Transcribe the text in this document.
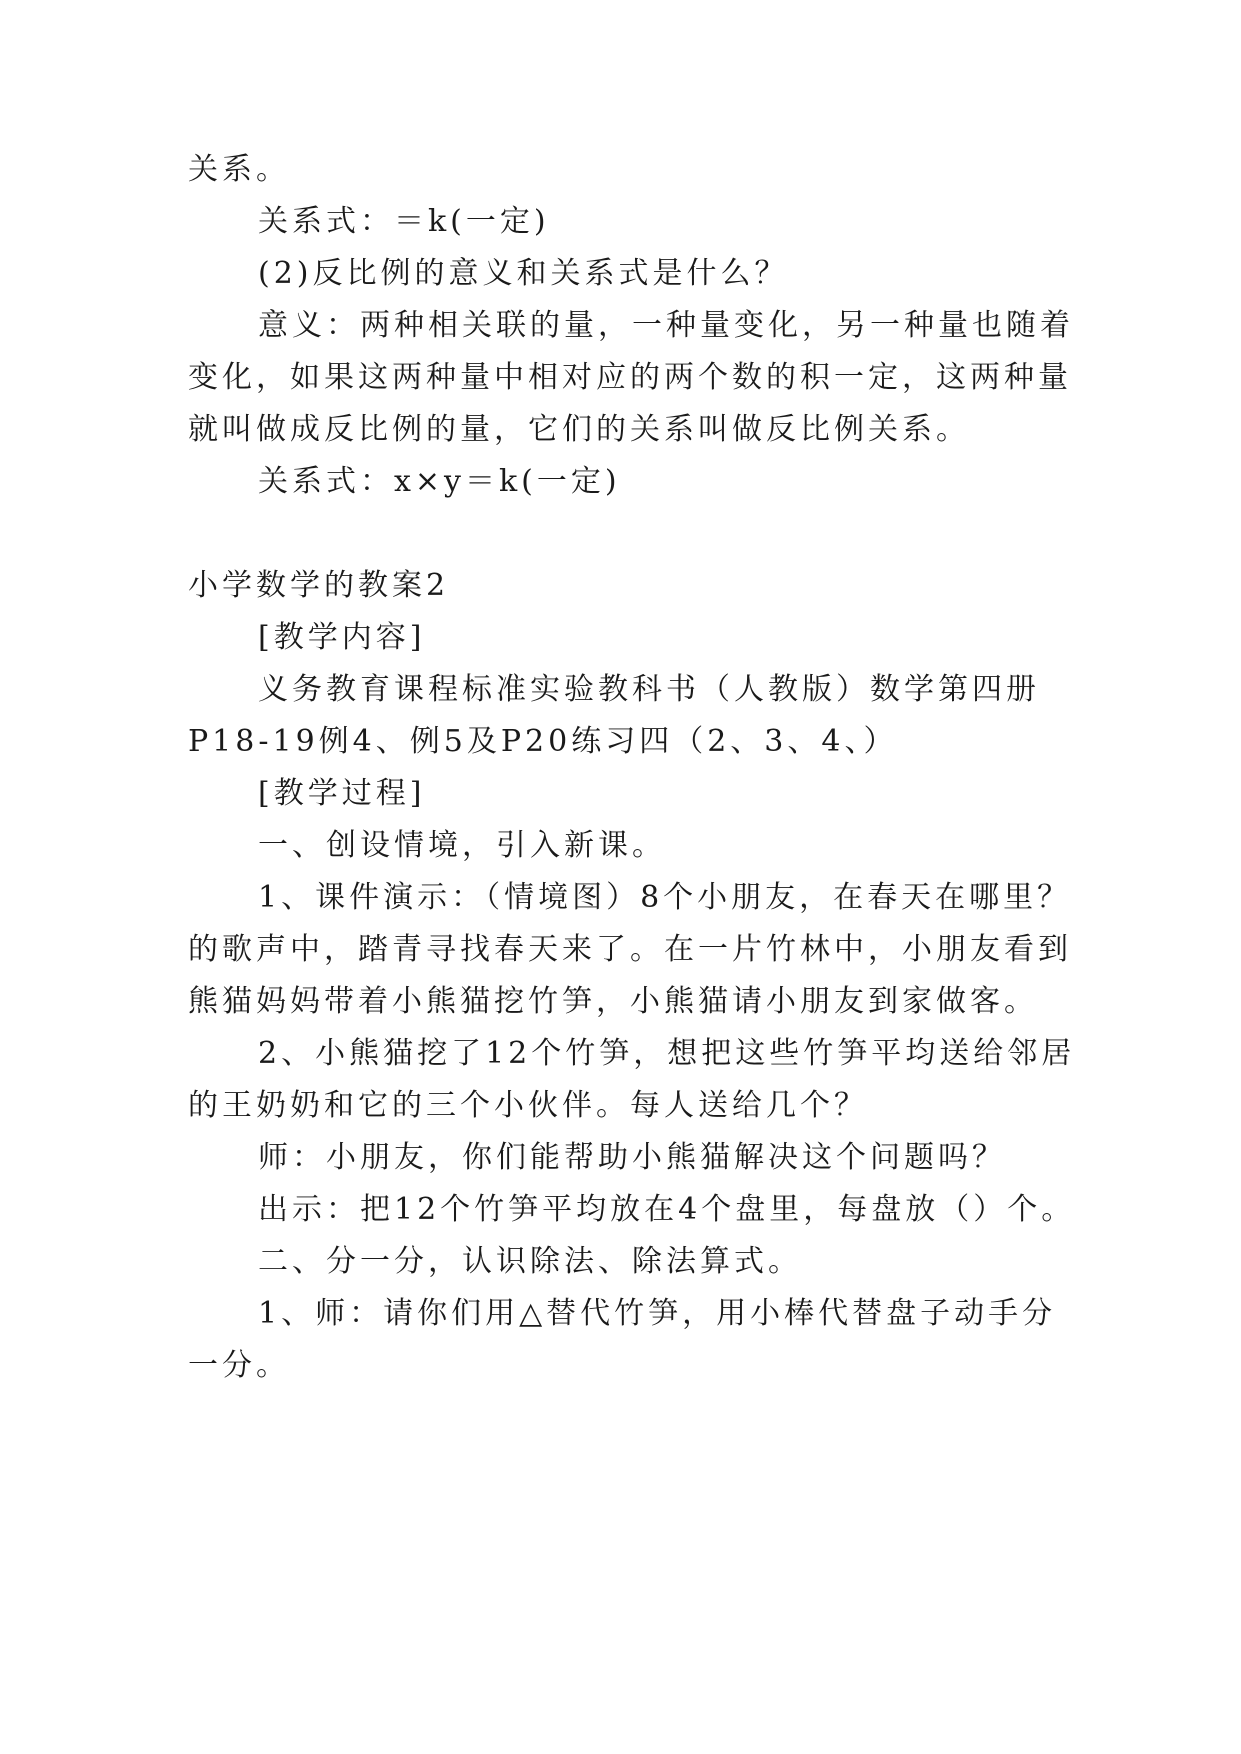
关系。
关系式：＝k(一定)
(2)反比例的意义和关系式是什么？
意义：两种相关联的量，一种量变化，另一种量也随着
变化，如果这两种量中相对应的两个数的积一定，这两种量
就叫做成反比例的量，它们的关系叫做反比例关系。
关系式：x×y＝k(一定)
小学数学的教案2
[教学内容]
义务教育课程标准实验教科书（人教版）数学第四册
P18-19例4、例5及P20练习四（2、3、4、）
[教学过程]
一、创设情境，引入新课。
1、课件演示：（情境图）8个小朋友，在春天在哪里？
的歌声中，踏青寻找春天来了。在一片竹林中，小朋友看到
熊猫妈妈带着小熊猫挖竹笋，小熊猫请小朋友到家做客。
2、小熊猫挖了12个竹笋，想把这些竹笋平均送给邻居
的王奶奶和它的三个小伙伴。每人送给几个？
师：小朋友，你们能帮助小熊猫解决这个问题吗？
出示：把12个竹笋平均放在4个盘里，每盘放（）个。
二、分一分，认识除法、除法算式。
1、师：请你们用△替代竹笋，用小棒代替盘子动手分
一分。
